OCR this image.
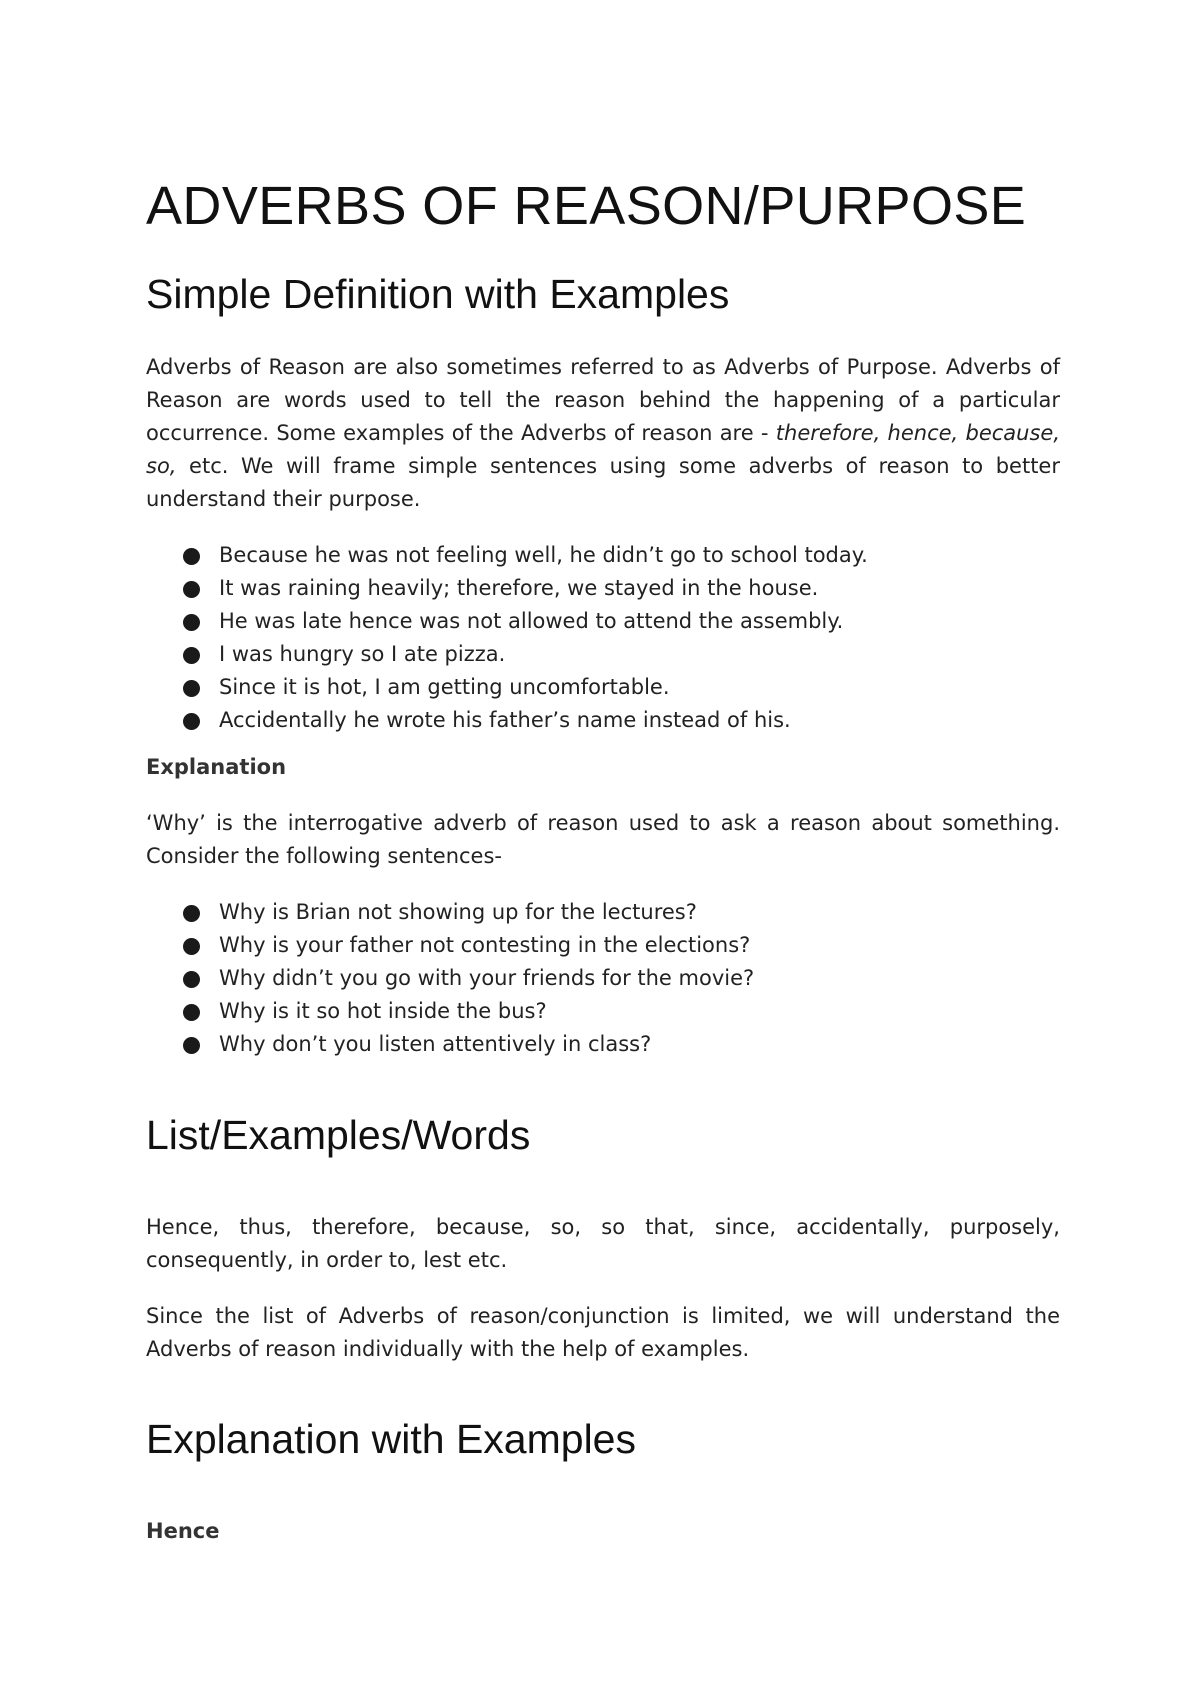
ADVERBS OF REASON/PURPOSE
Simple Definition with Examples

Adverbs of Reason are also sometimes referred to as Adverbs of Purpose. Adverbs of Reason are words used to tell the reason behind the happening of a particular occurrence. Some examples of the Adverbs of reason are - therefore, hence, because, so, etc. We will frame simple sentences using some adverbs of reason to better understand their purpose.

Because he was not feeling well, he didn’t go to school today.
It was raining heavily; therefore, we stayed in the house.
He was late hence was not allowed to attend the assembly.
I was hungry so I ate pizza.
Since it is hot, I am getting uncomfortable.
Accidentally he wrote his father’s name instead of his.

Explanation

‘Why’ is the interrogative adverb of reason used to ask a reason about something. Consider the following sentences-

Why is Brian not showing up for the lectures?
Why is your father not contesting in the elections?
Why didn’t you go with your friends for the movie?
Why is it so hot inside the bus?
Why don’t you listen attentively in class?
List/Examples/Words

Hence, thus, therefore, because, so, so that, since, accidentally, purposely, consequently, in order to, lest etc.

Since the list of Adverbs of reason/conjunction is limited, we will understand the Adverbs of reason individually with the help of examples.

Explanation with Examples

Hence
